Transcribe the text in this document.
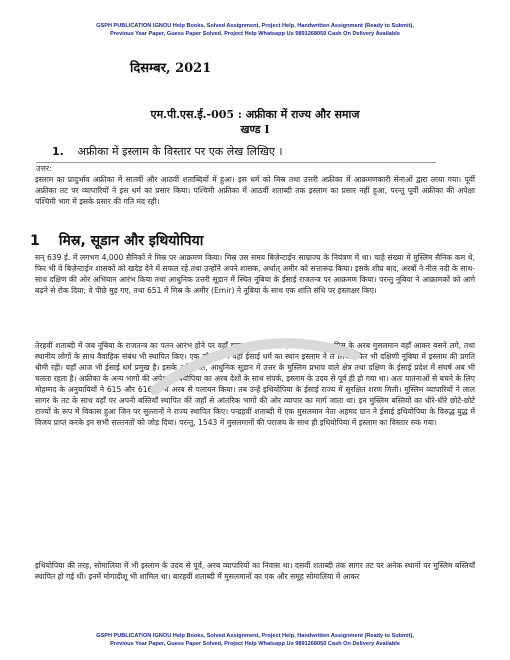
GSPH PUBLICATION IGNOU Help Books, Solved Assignment, Project Help, Handwritten Assignment (Ready to Submit),
Previous Year Paper, Guess Paper Solved, Project Help Whatsapp Us 9891268050 Cash On Delivery Available
दिसम्बर, 2021
एम.पी.एस.ई.-005 : अफ्रीका में राज्य और समाज
खण्ड I
1. अफ्रीका में इस्लाम के विस्तार पर एक लेख लिखिए ।
उत्तर:
इस्लाम का प्रादुर्भाव अफ्रीका में सातवीं और आठवीं शताब्दियों में हुआ। इस धर्म को मिस्र तथा उत्तरी अफ्रीका में आक्रमणकारी सेनाओं द्वारा लाया गया। पूर्वी अफ्रीका तट पर व्यापारियों ने इस धर्म का प्रसार किया। पश्चिमी अफ्रीका में आठवीं शताब्दी तक इस्लाम का प्रसार नहीं हुआ, परन्तु पूर्वी अफ्रीका की अपेक्षा पश्चिमी भाग में इसके प्रसार की गति मंद रही।
1 मिस्र, सूडान और इथियोपिया
सन् 639 ई. में लगभग 4,000 सैनिकों ने मिस्र पर आक्रमण किया। मिस्र उस समय बिज़ेन्टाईन साम्राज्य के नियंत्रण में था। चाहे संख्या में मुस्लिम सैनिक कम थे, फिर भी वे बिज़ेन्टाईन शासकों को खदेड़ देने में सफल रहे तथा उन्होंने अपने शासक, अर्थात् अमीर को सत्तारूढ़ किया। इसके शीघ्र बाद, अरबों ने नील नदी के साथ-साथ दक्षिण की ओर अभियान आरंभ किया तथा आधुनिक उत्तरी सूडान में स्थित नूबिया के ईसाई राजतन्त्र पर आक्रमण किया। परन्तु नूबिया ने आक्रामकों को आगे बढ़ने से रोक दिया; वे पीछे मुड़ गए, तथा 651 में मिस्र के अमीर (Emir) ने नूबिया के साथ एक शांति संधि पर हस्ताक्षर किए।
तेरहवीं शताब्दी में जब नूबिया के राजतन्त्र का पतन आरंभ होने पर वहाँ इस्लाम का प्रभाव बढ़ना आरंभ हुआ। मिस्र के अरब मुसलमान वहाँ आकर बसने लगे, तथा स्थानीय लोगों के साथ वैवाहिक संबंध भी स्थापित किए। एक सौ वर्षों में वहाँ ईसाई धर्म का स्थान इस्लाम ने ले लिया। फिर भी दक्षिणी नूबिया में इस्लाम की प्रगति धीमी रही। वहाँ आज भी ईसाई धर्म प्रमुख है। इसके अतिरिक्त, आधुनिक सूडान में उत्तर के मुस्लिम प्रभाव वाले क्षेत्र तथा दक्षिण के ईसाई प्रदेश में संघर्ष अब भी चलता रहता है। अफ्रीका के अन्य भागों की अपेक्षा इथियोपिया का अरब देशों के साथ संपर्क, इस्लाम के उदय से पूर्व ही हो गया था। अतः यातनाओं से बचने के लिए मोहम्मद के अनुयायियों ने 615 और 616 ई. में अरब से पलायन किया। तब उन्हें इथियोपिया के ईसाई राज्य में सुरक्षित शरण मिली। मुस्लिम व्यापारियों ने लाल सागर के तट के साथ वहाँ पर अपनी बस्तियाँ स्थापित कीं जहाँ से आंतरिक भागों की ओर व्यापार का मार्ग जाता था। इन मुस्लिम बस्तियों का धीरे-धीरे छोटे-छोटे राज्यों के रूप में विकास हुआ जिन पर सुल्तानों ने राज्य स्थापित किए। पन्द्रहवीं शताब्दी में एक मुसलमान नेता अहमद ग्रान ने ईसाई इथियोपिया के विरुद्ध युद्ध में विजय प्राप्त करके इन सभी सल्तनतों को जोड़ दिया। परन्तु, 1543 में मुसलमानों की पराजय के साथ ही इथियोपिया में इस्लाम का विस्तार रुक गया।
इथियोपिया की तरह, सोमालिया में भी इस्लाम के उदय से पूर्व, अरब व्यापारियों का निवास था। दसवीं शताब्दी तक सागर तट पर अनेक स्थानों पर मुस्लिम बस्तियाँ स्थापित हो गई थीं। इनमें मोगादीशू भी शामिल था। बारहवीं शताब्दी में मुसलमानों का एक और समूह सोमालिया में आकर
GSPH PUBLICATION IGNOU Help Books, Solved Assignment, Project Help, Handwritten Assignment (Ready to Submit),
Previous Year Paper, Guess Paper Solved, Project Help Whatsapp Us 9891268050 Cash On Delivery Available
